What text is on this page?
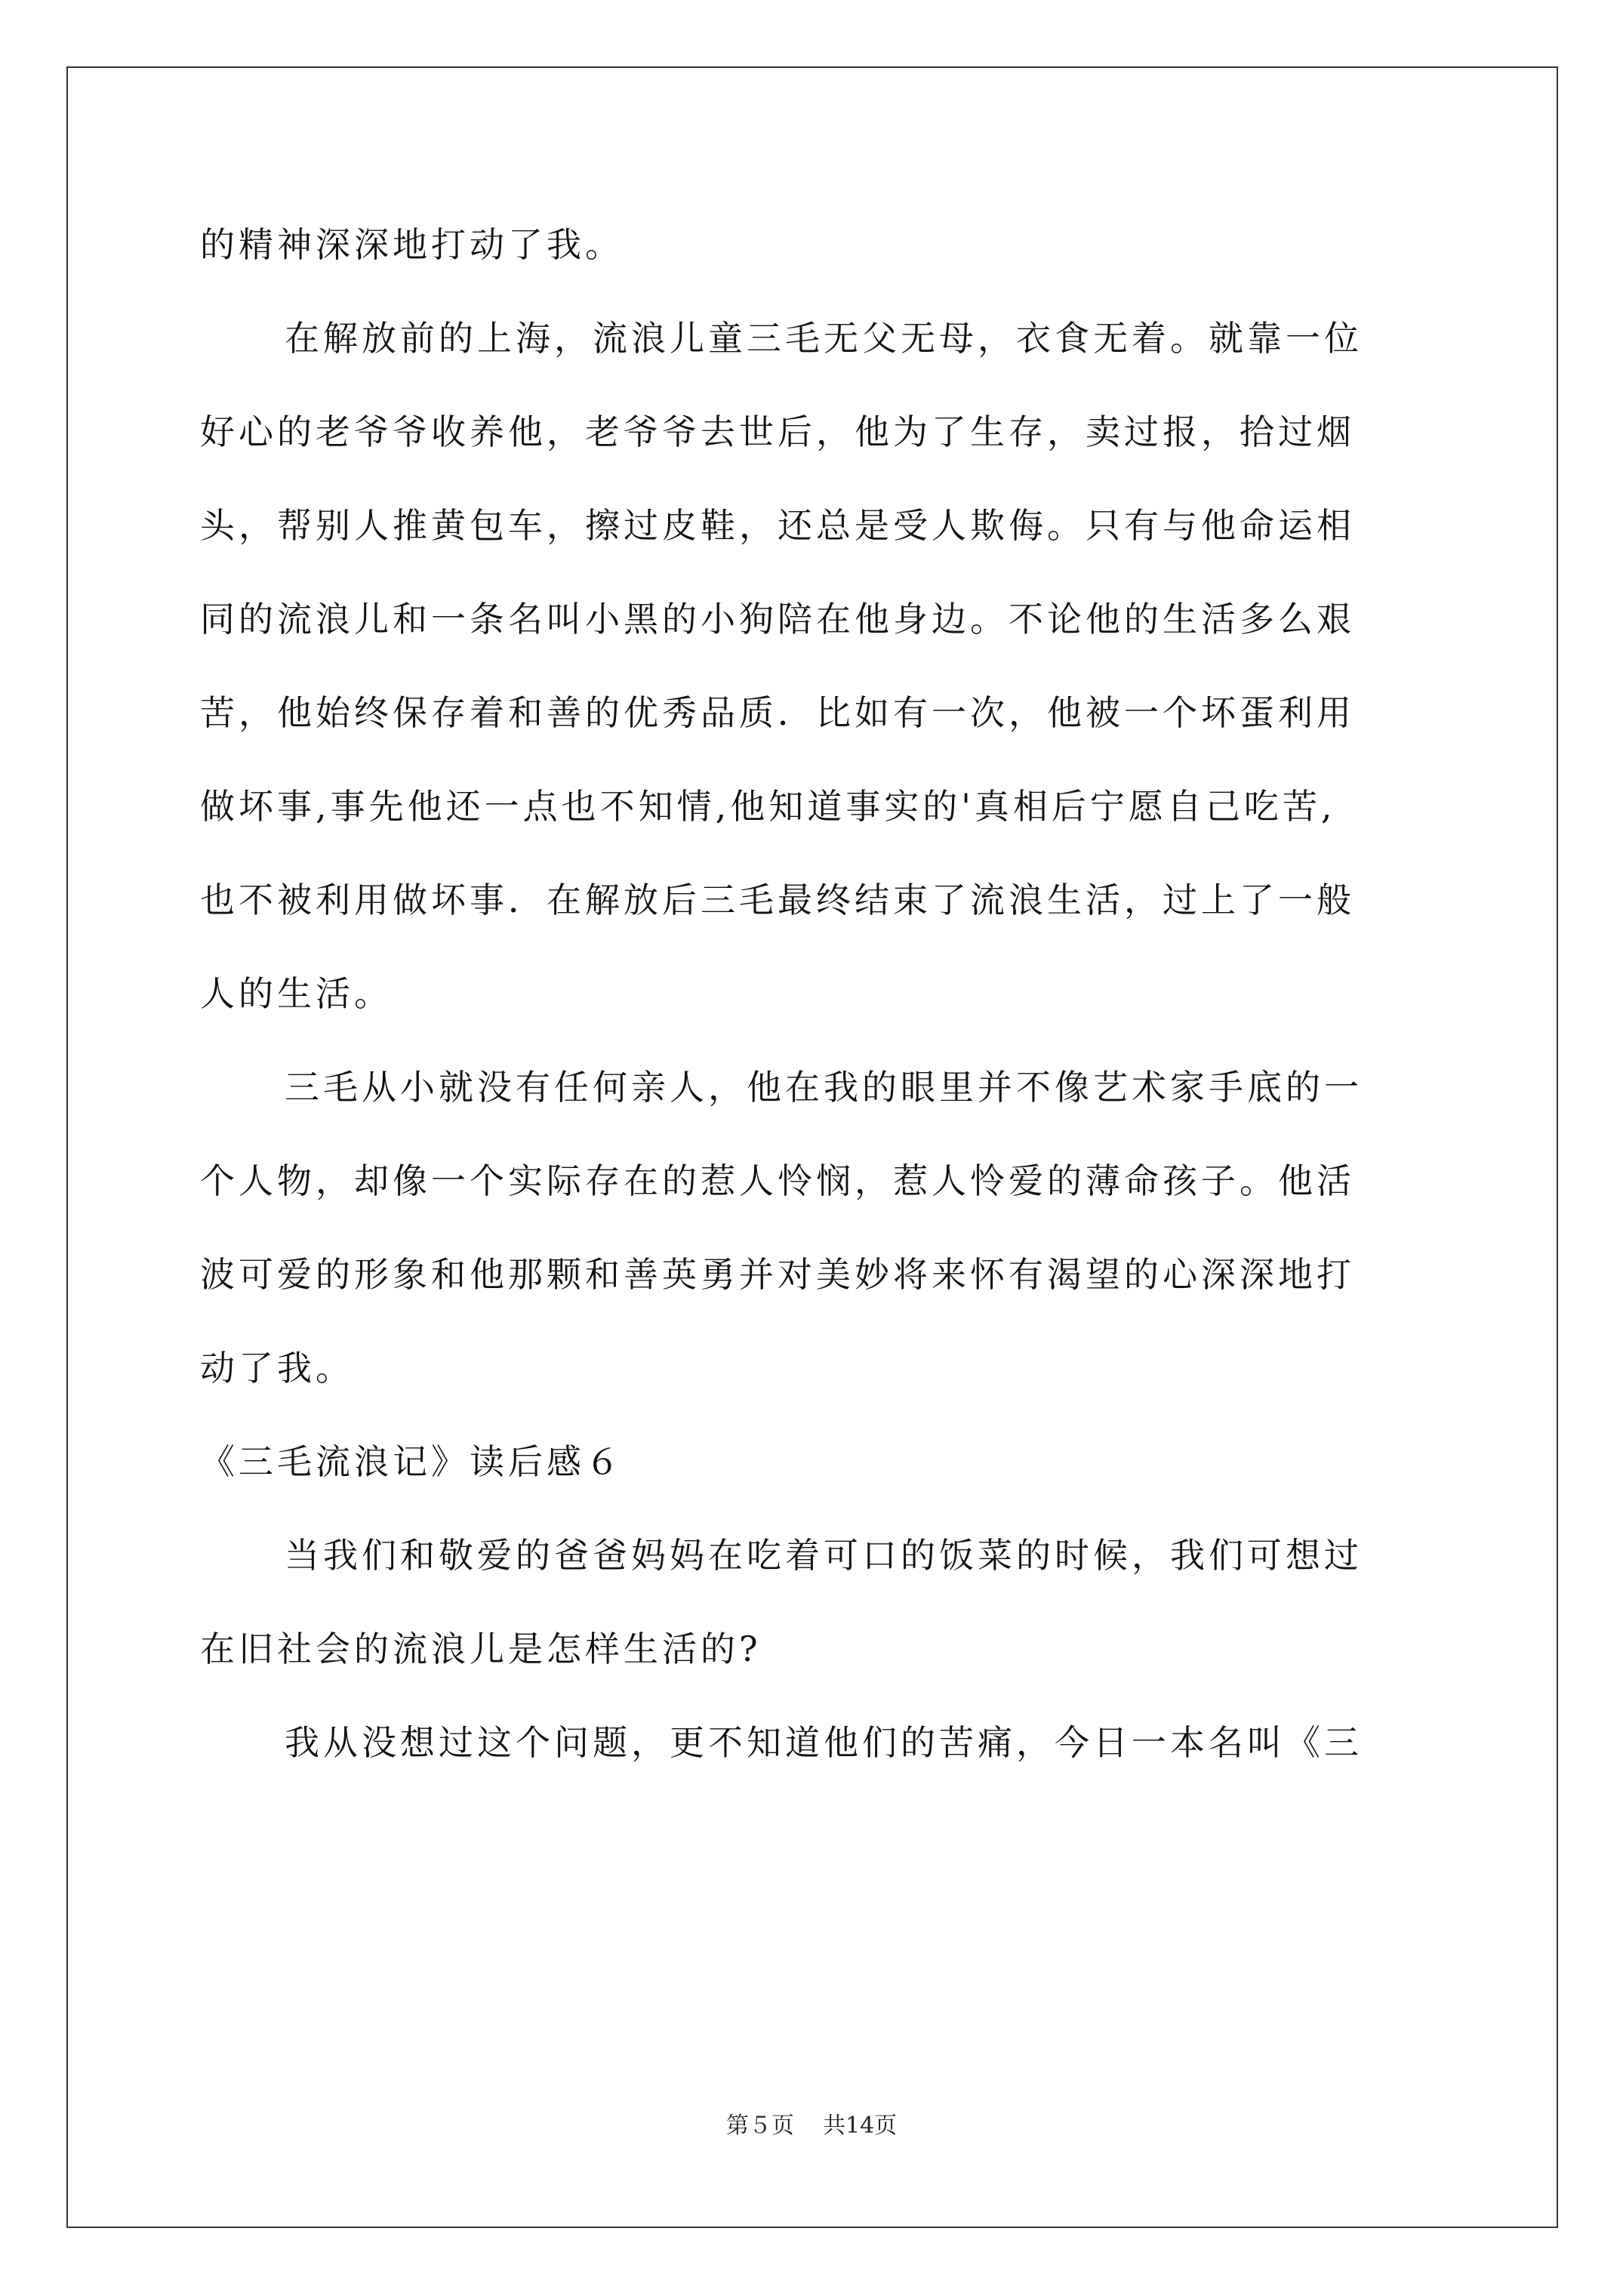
的精神深深地打动了我。
在解放前的上海，流浪儿童三毛无父无母，衣食无着。就靠一位
好心的老爷爷收养他，老爷爷去世后，他为了生存，卖过报，拾过烟
头，帮别人推黄包车，擦过皮鞋，还总是受人欺侮。只有与他命运相
同的流浪儿和一条名叫小黑的小狗陪在他身边。不论他的生活多么艰
苦，他始终保存着和善的优秀品质．比如有一次，他被一个坏蛋利用
做坏事,事先他还一点也不知情,他知道事实的'真相后宁愿自己吃苦,
也不被利用做坏事．在解放后三毛最终结束了流浪生活，过上了一般
人的生活。
三毛从小就没有任何亲人，他在我的眼里并不像艺术家手底的一
个人物，却像一个实际存在的惹人怜悯，惹人怜爱的薄命孩子。他活
波可爱的形象和他那颗和善英勇并对美妙将来怀有渴望的心深深地打
动了我。
《三毛流浪记》读后感６
当我们和敬爱的爸爸妈妈在吃着可口的饭菜的时候，我们可想过
在旧社会的流浪儿是怎样生活的?
我从没想过这个问题，更不知道他们的苦痛，今日一本名叫《三
第５页 共14页
